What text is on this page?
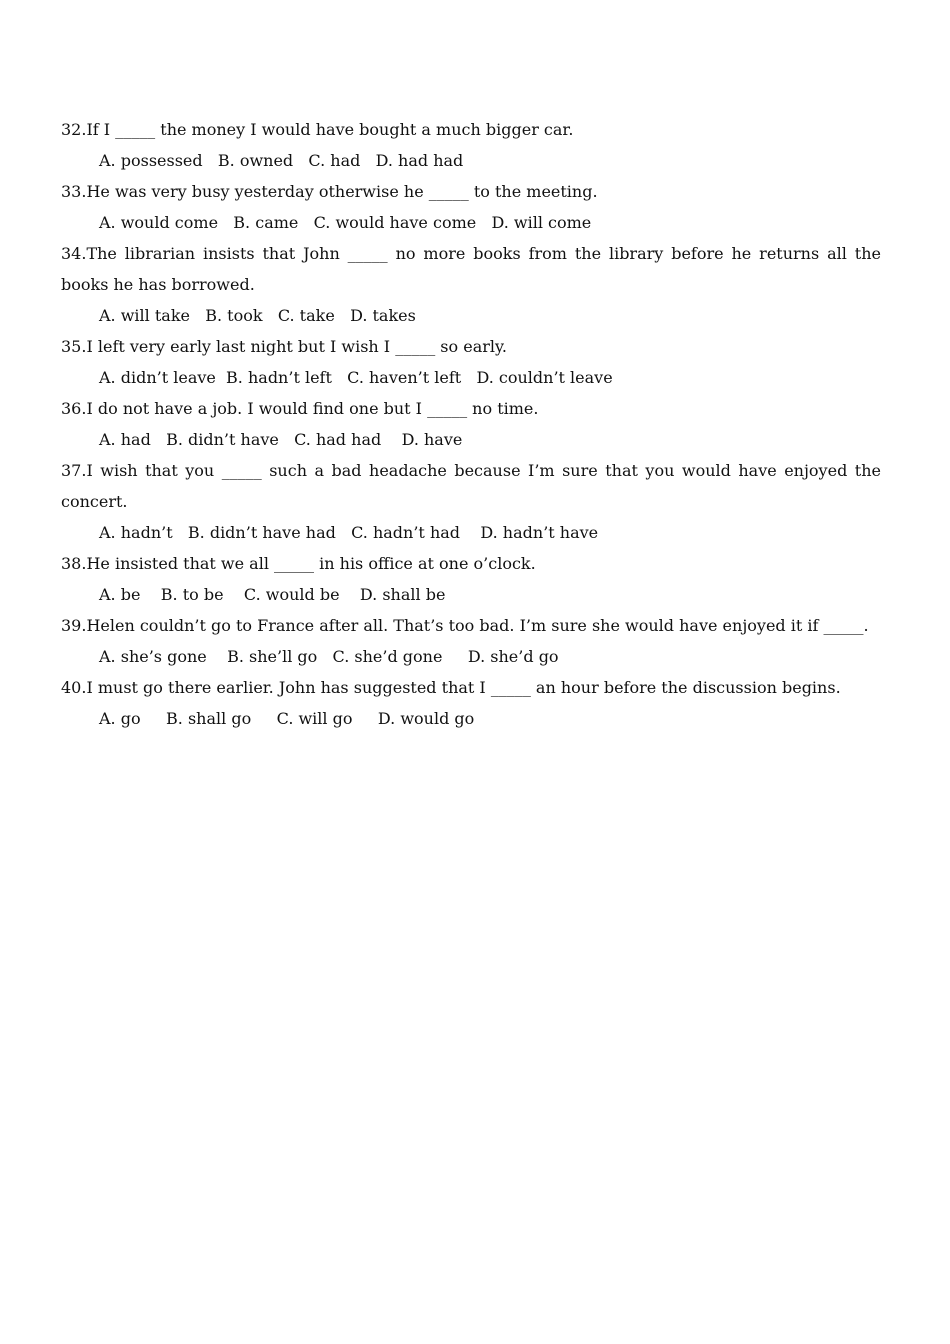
32.If I _____ the money I would have bought a much bigger car.

A. possessed   B. owned   C. had   D. had had

33.He was very busy yesterday otherwise he _____ to the meeting.

A. would come   B. came   C. would have come   D. will come

34.The librarian insists that John _____ no more books from the library before he returns all the books he has borrowed.

A. will take   B. took   C. take   D. takes

35.I left very early last night but I wish I _____ so early.

A. didn’t leave  B. hadn’t left   C. haven’t left   D. couldn’t leave

36.I do not have a job. I would find one but I _____ no time.

A. had   B. didn’t have   C. had had    D. have

37.I wish that you _____ such a bad headache because I’m sure that you would have enjoyed the concert.

A. hadn’t   B. didn’t have had   C. hadn’t had    D. hadn’t have

38.He insisted that we all _____ in his office at one o’clock.

A. be    B. to be    C. would be    D. shall be

39.Helen couldn’t go to France after all. That’s too bad. I’m sure she would have enjoyed it if _____.

A. she’s gone    B. she’ll go   C. she’d gone     D. she’d go

40.I must go there earlier. John has suggested that I _____ an hour before the discussion begins.

A. go     B. shall go     C. will go     D. would go
